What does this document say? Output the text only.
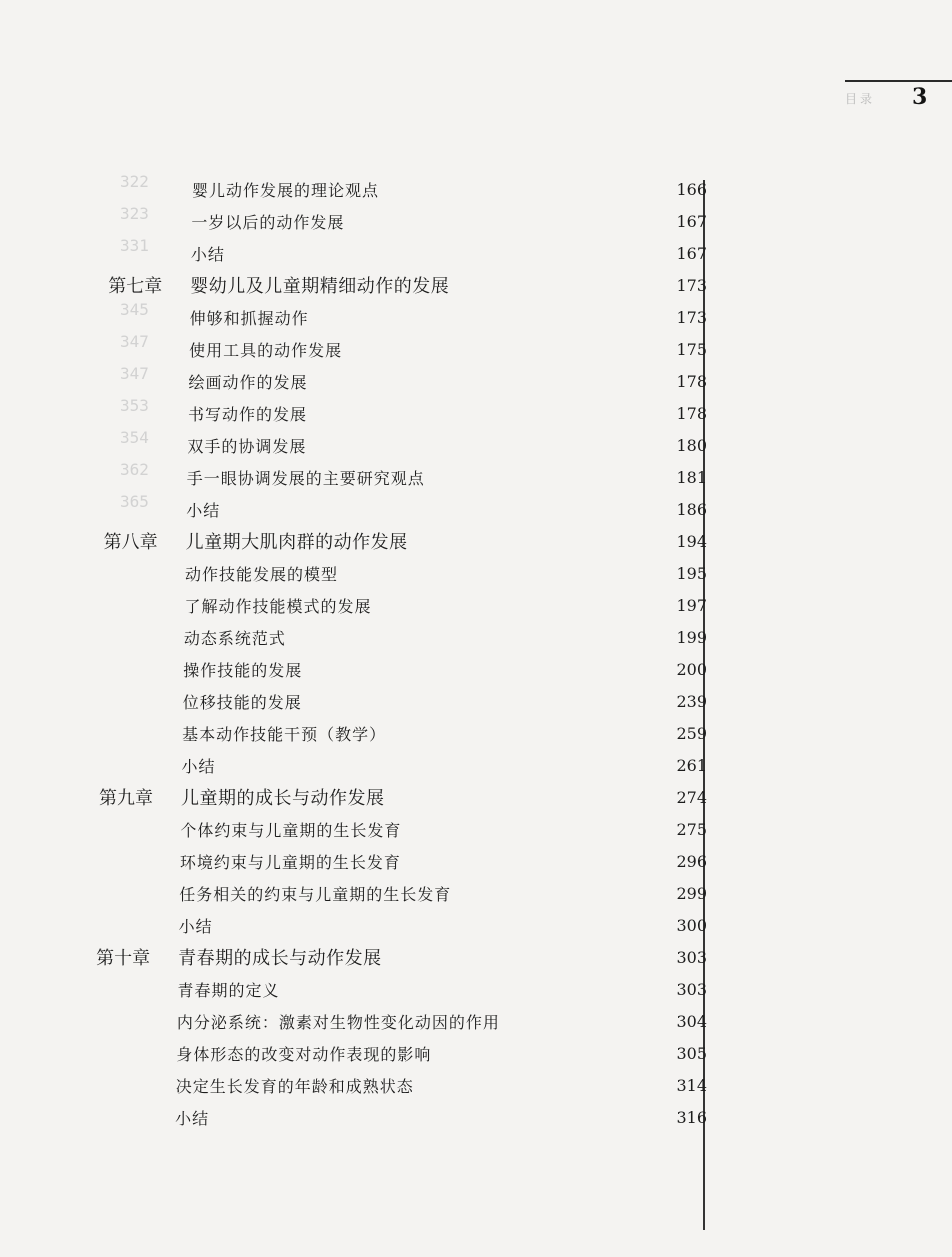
目录 3
322
323
331
345
347
347
353
354
362
365
婴儿动作发展的理论观点	166
一岁以后的动作发展	167
小结	167
第七章 婴幼儿及儿童期精细动作的发展	173
伸够和抓握动作	173
使用工具的动作发展	175
绘画动作的发展	178
书写动作的发展	178
双手的协调发展	180
手一眼协调发展的主要研究观点	181
小结	186
第八章 儿童期大肌肉群的动作发展	194
动作技能发展的模型	195
了解动作技能模式的发展	197
动态系统范式	199
操作技能的发展	200
位移技能的发展	239
基本动作技能干预（教学）	259
小结	261
第九章 儿童期的成长与动作发展	274
个体约束与儿童期的生长发育	275
环境约束与儿童期的生长发育	296
任务相关的约束与儿童期的生长发育	299
小结	300
第十章 青春期的成长与动作发展	303
青春期的定义	303
内分泌系统：激素对生物性变化动因的作用	304
身体形态的改变对动作表现的影响	305
决定生长发育的年龄和成熟状态	314
小结	316
